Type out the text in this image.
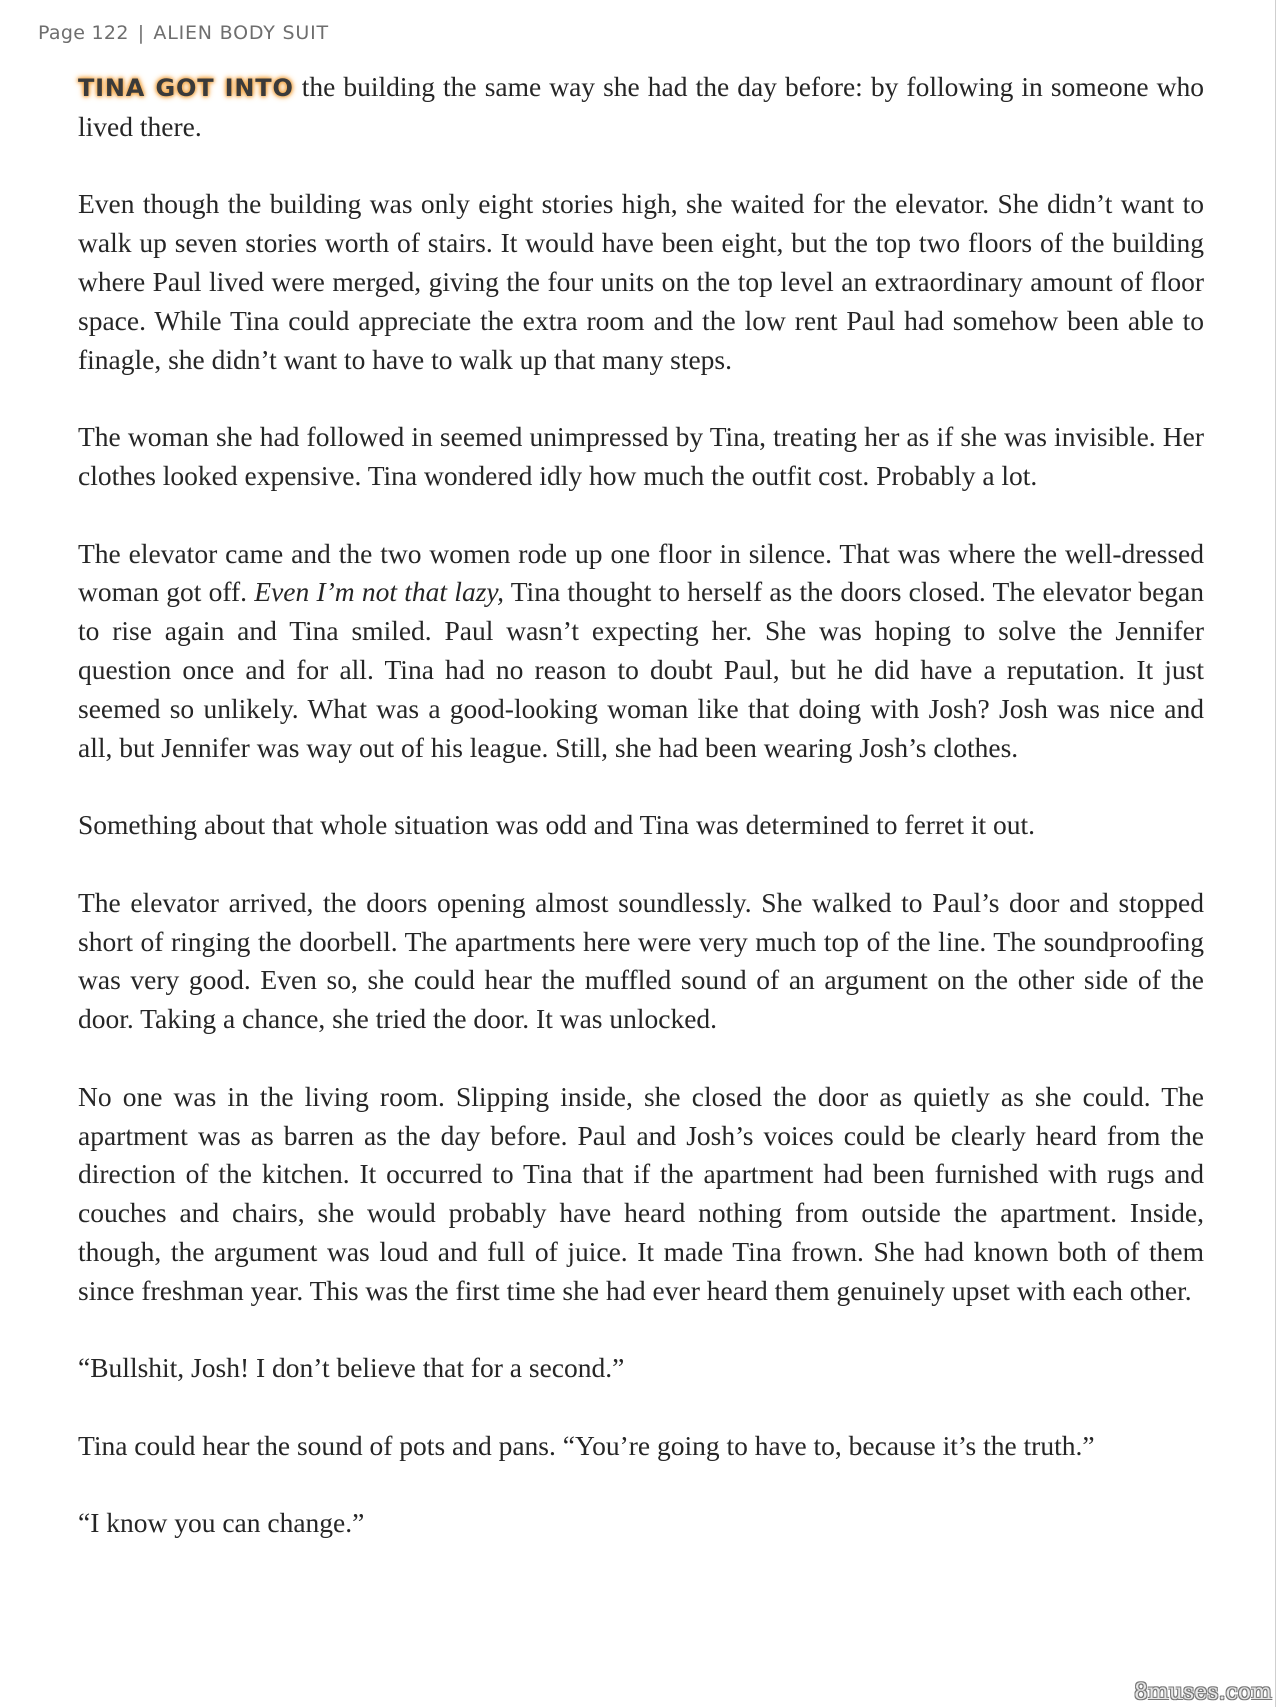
Page 122 | ALIEN BODY SUIT

TINA GOT INTO the building the same way she had the day before: by following in someone who lived there.

Even though the building was only eight stories high, she waited for the elevator. She didn’t want to walk up seven stories worth of stairs. It would have been eight, but the top two floors of the building where Paul lived were merged, giving the four units on the top level an extraordinary amount of floor space. While Tina could appreciate the extra room and the low rent Paul had somehow been able to finagle, she didn’t want to have to walk up that many steps.

The woman she had followed in seemed unimpressed by Tina, treating her as if she was invisible. Her clothes looked expensive. Tina wondered idly how much the outfit cost. Probably a lot.

The elevator came and the two women rode up one floor in silence. That was where the well-dressed woman got off. Even I’m not that lazy, Tina thought to herself as the doors closed. The elevator began to rise again and Tina smiled. Paul wasn’t expecting her. She was hoping to solve the Jennifer question once and for all. Tina had no reason to doubt Paul, but he did have a reputation. It just seemed so unlikely. What was a good-looking woman like that doing with Josh? Josh was nice and all, but Jennifer was way out of his league. Still, she had been wearing Josh’s clothes.

Something about that whole situation was odd and Tina was determined to ferret it out.

The elevator arrived, the doors opening almost soundlessly. She walked to Paul’s door and stopped short of ringing the doorbell. The apartments here were very much top of the line. The soundproofing was very good. Even so, she could hear the muffled sound of an argument on the other side of the door. Taking a chance, she tried the door. It was unlocked.

No one was in the living room. Slipping inside, she closed the door as quietly as she could. The apartment was as barren as the day before. Paul and Josh’s voices could be clearly heard from the direction of the kitchen. It occurred to Tina that if the apartment had been furnished with rugs and couches and chairs, she would probably have heard nothing from outside the apartment. Inside, though, the argument was loud and full of juice. It made Tina frown. She had known both of them since freshman year. This was the first time she had ever heard them genuinely upset with each other.

“Bullshit, Josh! I don’t believe that for a second.”

Tina could hear the sound of pots and pans. “You’re going to have to, because it’s the truth.”

“I know you can change.”

8muses.com
